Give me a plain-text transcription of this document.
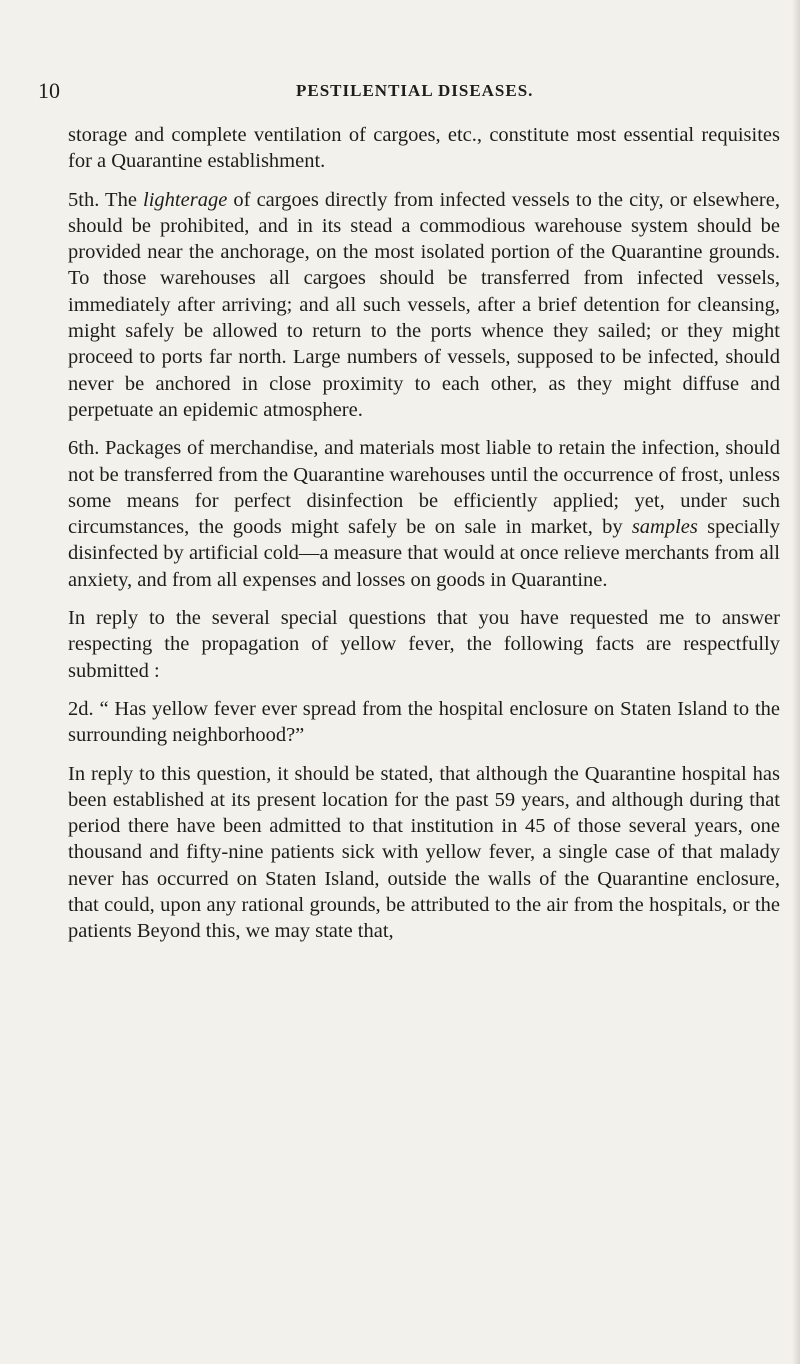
10	PESTILENTIAL DISEASES.

storage and complete ventilation of cargoes, etc., constitute most essential requisites for a Quarantine establishment.

5th. The lighterage of cargoes directly from infected vessels to the city, or elsewhere, should be prohibited, and in its stead a commodious warehouse system should be provided near the anchorage, on the most isolated portion of the Quarantine grounds. To those warehouses all cargoes should be transferred from infected vessels, immediately after arriving; and all such vessels, after a brief detention for cleansing, might safely be allowed to return to the ports whence they sailed; or they might proceed to ports far north. Large numbers of vessels, supposed to be infected, should never be anchored in close proximity to each other, as they might diffuse and perpetuate an epidemic atmosphere.

6th. Packages of merchandise, and materials most liable to retain the infection, should not be transferred from the Quarantine warehouses until the occurrence of frost, unless some means for perfect disinfection be efficiently applied; yet, under such circumstances, the goods might safely be on sale in market, by samples specially disinfected by artificial cold—a measure that would at once relieve merchants from all anxiety, and from all expenses and losses on goods in Quarantine.

In reply to the several special questions that you have requested me to answer respecting the propagation of yellow fever, the following facts are respectfully submitted :

2d. “ Has yellow fever ever spread from the hospital enclosure on Staten Island to the surrounding neighborhood?”

In reply to this question, it should be stated, that although the Quarantine hospital has been established at its present location for the past 59 years, and although during that period there have been admitted to that institution in 45 of those several years, one thousand and fifty-nine patients sick with yellow fever, a single case of that malady never has occurred on Staten Island, outside the walls of the Quarantine enclosure, that could, upon any rational grounds, be attributed to the air from the hospitals, or the patients Beyond this, we may state that,
